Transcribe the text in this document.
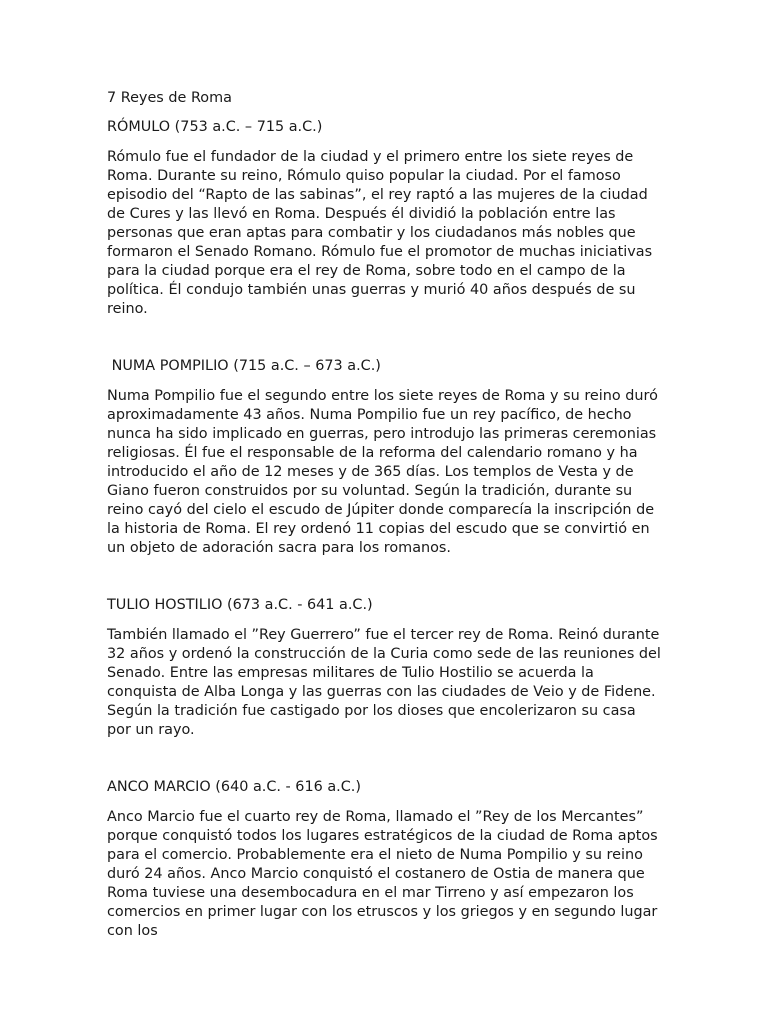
7 Reyes de Roma
RÓMULO (753 a.C. – 715 a.C.)

Rómulo fue el fundador de la ciudad y el primero entre los siete reyes de Roma. Durante su reino, Rómulo quiso popular la ciudad. Por el famoso episodio del “Rapto de las sabinas”, el rey raptó a las mujeres de la ciudad de Cures y las llevó en Roma. Después él dividió la población entre las personas que eran aptas para combatir y los ciudadanos más nobles que formaron el Senado Romano. Rómulo fue el promotor de muchas iniciativas para la ciudad porque era el rey de Roma, sobre todo en el campo de la política. Él condujo también unas guerras y murió 40 años después de su reino.

NUMA POMPILIO (715 a.C. – 673 a.C.)

Numa Pompilio fue el segundo entre los siete reyes de Roma y su reino duró aproximadamente 43 años. Numa Pompilio fue un rey pacífico, de hecho nunca ha sido implicado en guerras, pero introdujo las primeras ceremonias religiosas. Él fue el responsable de la reforma del calendario romano y ha introducido el año de 12 meses y de 365 días. Los templos de Vesta y de Giano fueron construidos por su voluntad. Según la tradición, durante su reino cayó del cielo el escudo de Júpiter donde comparecía la inscripción de la historia de Roma. El rey ordenó 11 copias del escudo que se convirtió en un objeto de adoración sacra para los romanos.

TULIO HOSTILIO (673 a.C. - 641 a.C.)

También llamado el ”Rey Guerrero” fue el tercer rey de Roma. Reinó durante 32 años y ordenó la construcción de la Curia como sede de las reuniones del Senado. Entre las empresas militares de Tulio Hostilio se acuerda la conquista de Alba Longa y las guerras con las ciudades de Veio y de Fidene. Según la tradición fue castigado por los dioses que encolerizaron su casa por un rayo.

ANCO MARCIO (640 a.C. - 616 a.C.)

Anco Marcio fue el cuarto rey de Roma, llamado el ”Rey de los Mercantes” porque conquistó todos los lugares estratégicos de la ciudad de Roma aptos para el comercio. Probablemente era el nieto de Numa Pompilio y su reino duró 24 años. Anco Marcio conquistó el costanero de Ostia de manera que Roma tuviese una desembocadura en el mar Tirreno y así empezaron los comercios en primer lugar con los etruscos y los griegos y en segundo lugar con los
